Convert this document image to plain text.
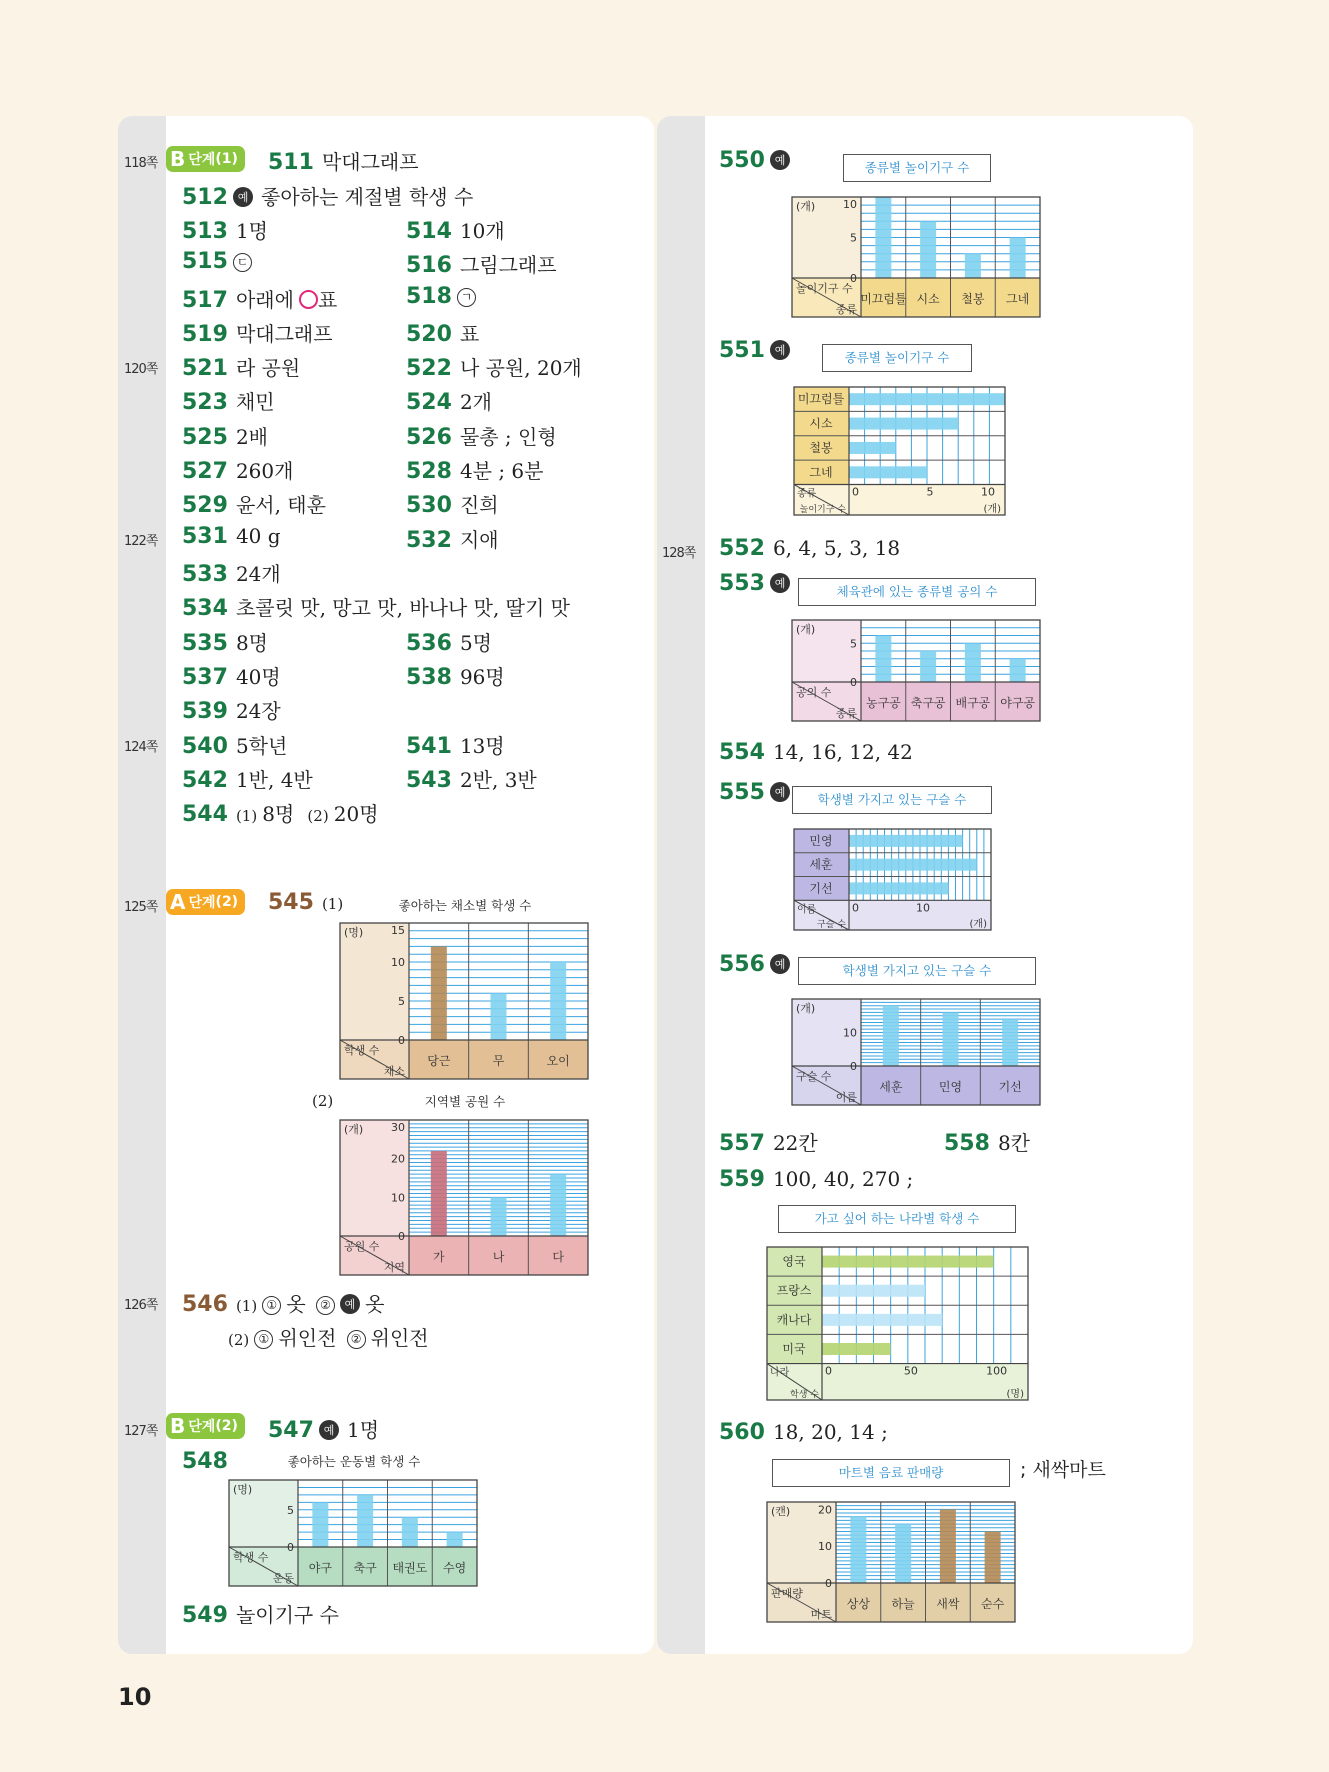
118쪽 B 단계 (1) 511 막대그래프
512 예 좋아하는 계절별 학생 수
513 1명	514 10개
515 ㄷ	516 그림그래프
517 아래에 ○표	518 ㄱ
519 막대그래프	520 표
120쪽 521 라 공원	522 나 공원, 20개
523 채민	524 2개
525 2배	526 물총 ; 인형
527 260개	528 4분 ; 6분
529 윤서, 태훈	530 진희
122쪽 531 40 g	532 지애
533 24개
534 초콜릿 맛, 망고 맛, 바나나 맛, 딸기 맛
535 8명	536 5명
537 40명	538 96명
539 24장
124쪽 540 5학년	541 13명
542 1반, 4반	543 2반, 3반
544 (1) 8명 (2) 20명
125쪽 A 단계 (2) 545 (1)	좋아하는 채소별 학생 수
당근	무	오이
학생 수
채소
(명)	15
10
5
0
(2)	지역별 공원 수
가	나	다
공원 수
지역
(개)	30
20
10
0
126쪽 546 (1) ① 옷 ② 예 옷
(2) ① 위인전 ② 위인전
127쪽 B 단계 (2) 547 예 1명
548	좋아하는 운동별 학생 수
야구 축구 태권도 수영
학생 수
운동
(명)
5
0
549 놀이기구 수
550 예	종류별 놀이기구 수
미끄럼틀 시소 철봉 그네
놀이기구 수
종류
(개)	10
5
0
551 예	종류별 놀이기구 수
미끄럼틀
시소
철봉
그네
종류
놀이기구 수	(개)
0	5	10
128쪽 552 6, 4, 5, 3, 18
553 예
체육관에 있는 종류별 공의 수
농구공 축구공 배구공 야구공
공의 수
종류
(개)
5
0
554 14, 16, 12, 42
555 예	학생별 가지고 있는 구슬 수
민영
세훈
기선
이름
구슬 수	(개)
0	10
556 예	학생별 가지고 있는 구슬 수
세훈	민영	기선
구슬 수
이름
(개)
10
0
557 22칸	558 8칸
559 100, 40, 270 ;
가고 싶어 하는 나라별 학생 수
영국
프랑스
캐나다
미국
나라
학생 수	(명)
0	50	100
560 18, 20, 14 ;
마트별 음료 판매량	; 새싹마트
상상 하늘 새싹 순수
판매량
마트
(캔)	20
10
0
10
